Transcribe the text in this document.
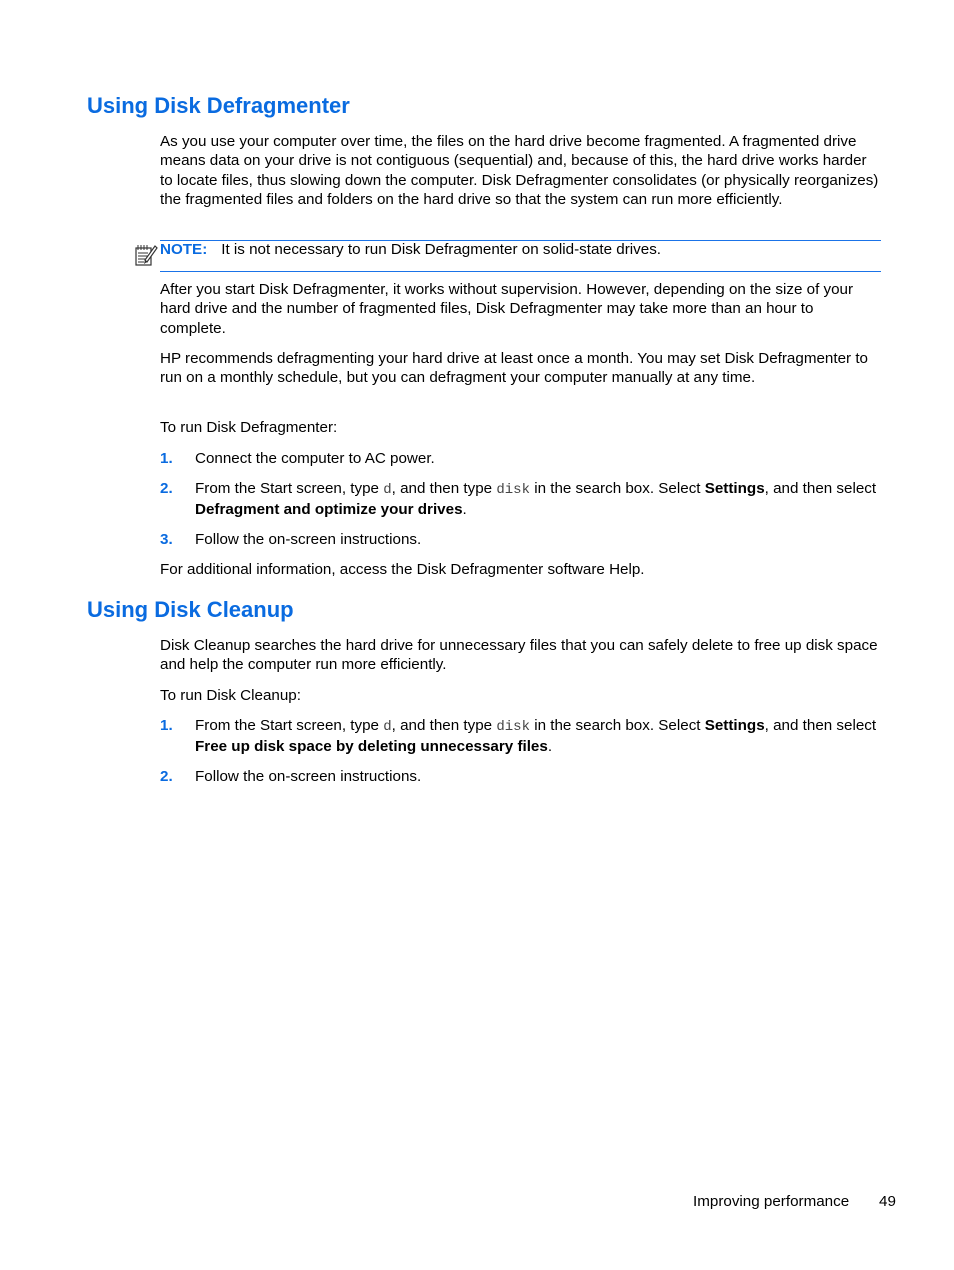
Using Disk Defragmenter

As you use your computer over time, the files on the hard drive become fragmented. A fragmented drive means data on your drive is not contiguous (sequential) and, because of this, the hard drive works harder to locate files, thus slowing down the computer. Disk Defragmenter consolidates (or physically reorganizes) the fragmented files and folders on the hard drive so that the system can run more efficiently.

NOTE: It is not necessary to run Disk Defragmenter on solid-state drives.

After you start Disk Defragmenter, it works without supervision. However, depending on the size of your hard drive and the number of fragmented files, Disk Defragmenter may take more than an hour to complete.

HP recommends defragmenting your hard drive at least once a month. You may set Disk Defragmenter to run on a monthly schedule, but you can defragment your computer manually at any time.

To run Disk Defragmenter:

1. Connect the computer to AC power.
2. From the Start screen, type d, and then type disk in the search box. Select Settings, and then select Defragment and optimize your drives.
3. Follow the on-screen instructions.

For additional information, access the Disk Defragmenter software Help.

Using Disk Cleanup

Disk Cleanup searches the hard drive for unnecessary files that you can safely delete to free up disk space and help the computer run more efficiently.

To run Disk Cleanup:

1. From the Start screen, type d, and then type disk in the search box. Select Settings, and then select Free up disk space by deleting unnecessary files.
2. Follow the on-screen instructions.
Improving performance 49
